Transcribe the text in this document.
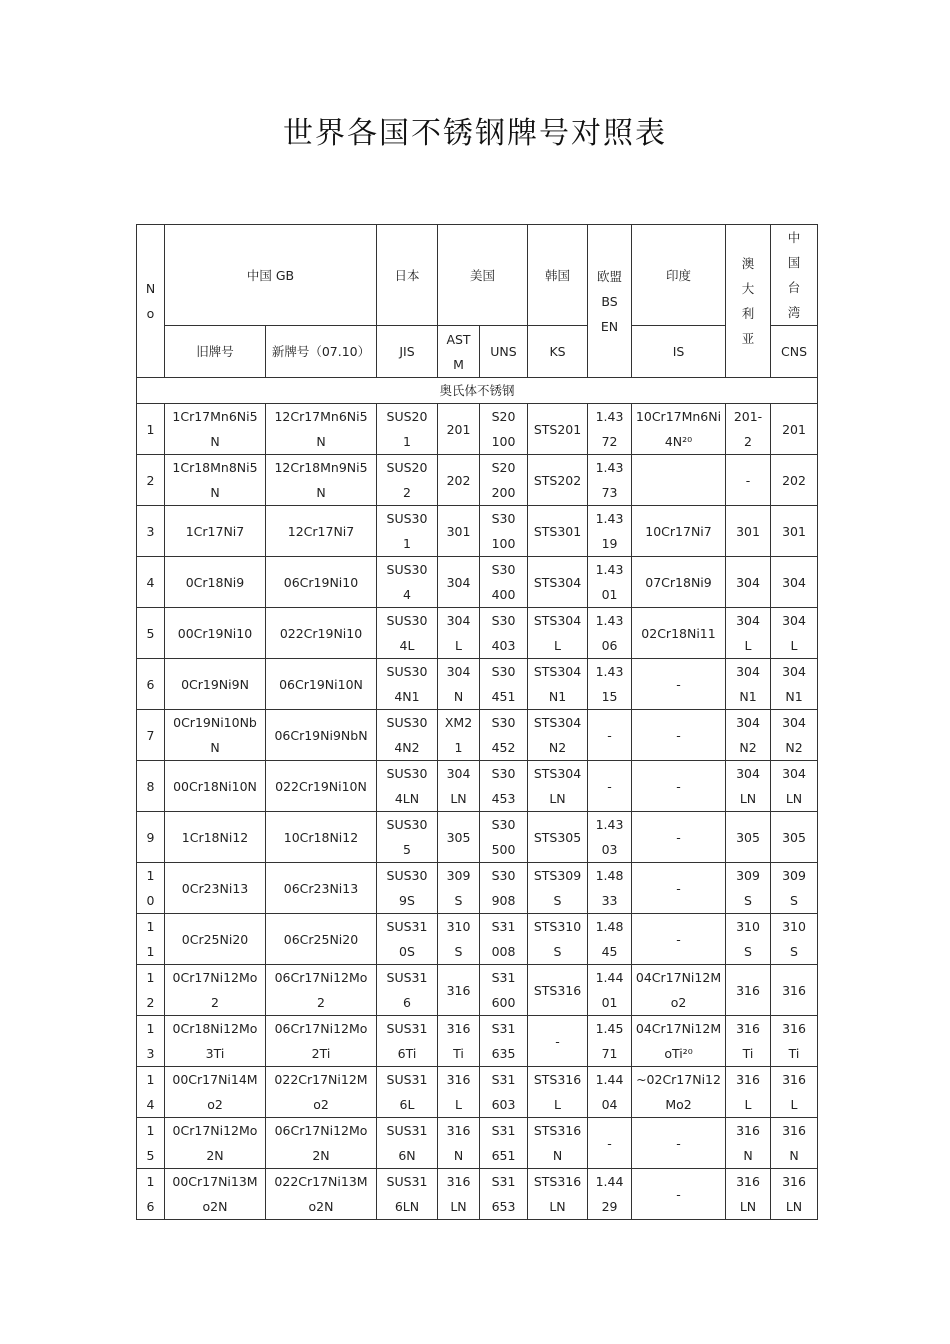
世界各国不锈钢牌号对照表
No	中国 GB		日本	美国		韩国	欧盟 BS EN	印度	澳大利亚	中国台湾

	旧牌号	新牌号（07.10）	JIS	ASTM	UNS	KS		IS		CNS
奥氏体不锈钢										

1	1Cr17Mn6Ni5N	12Cr17Mn6Ni5N	SUS201	201	S20100	STS201	1.4372	10Cr17Mn6Ni4N²⁰	201-2	201

2	1Cr18Mn8Ni5N	12Cr18Mn9Ni5N	SUS202	202	S20200	STS202	1.4373		-	202

3	1Cr17Ni7	12Cr17Ni7	SUS301	301	S30100	STS301	1.4319	10Cr17Ni7	301	301

4	0Cr18Ni9	06Cr19Ni10	SUS304	304	S30400	STS304	1.4301	07Cr18Ni9	304	304

5	00Cr19Ni10	022Cr19Ni10	SUS304L	304L	S30403	STS304L	1.4306	02Cr18Ni11	304L	304L

6	0Cr19Ni9N	06Cr19Ni10N	SUS304N1	304N	S30451	STS304N1	1.4315	-	304N1	304N1

7	0Cr19Ni10NbN	06Cr19Ni9NbN	SUS304N2	XM21	S30452	STS304N2	-	-	304N2	304N2

8	00Cr18Ni10N	022Cr19Ni10N	SUS304LN	304LN	S30453	STS304LN	-	-	304LN	304LN

9	1Cr18Ni12	10Cr18Ni12	SUS305	305	S30500	STS305	1.4303	-	305	305

10	0Cr23Ni13	06Cr23Ni13	SUS309S	309S	S30908	STS309S	1.4833	-	309S	309S

11	0Cr25Ni20	06Cr25Ni20	SUS310S	310S	S31008	STS310S	1.4845	-	310S	310S

12	0Cr17Ni12Mo2	06Cr17Ni12Mo2	SUS316	316	S31600	STS316	1.4401	04Cr17Ni12Mo2	316	316

13	0Cr18Ni12Mo3Ti	06Cr17Ni12Mo2Ti	SUS316Ti	316Ti	S31635	-	1.4571	04Cr17Ni12MoTi²⁰	316Ti	316Ti

14	00Cr17Ni14Mo2	022Cr17Ni12Mo2	SUS316L	316L	S31603	STS316L	1.4404	~02Cr17Ni12Mo2	316L	316L

15	0Cr17Ni12Mo2N	06Cr17Ni12Mo2N	SUS316N	316N	S31651	STS316N	-	-	316N	316N

16	00Cr17Ni13Mo2N	022Cr17Ni13Mo2N	SUS316LN	316LN	S31653	STS316LN	1.4429	-	316LN	316LN
